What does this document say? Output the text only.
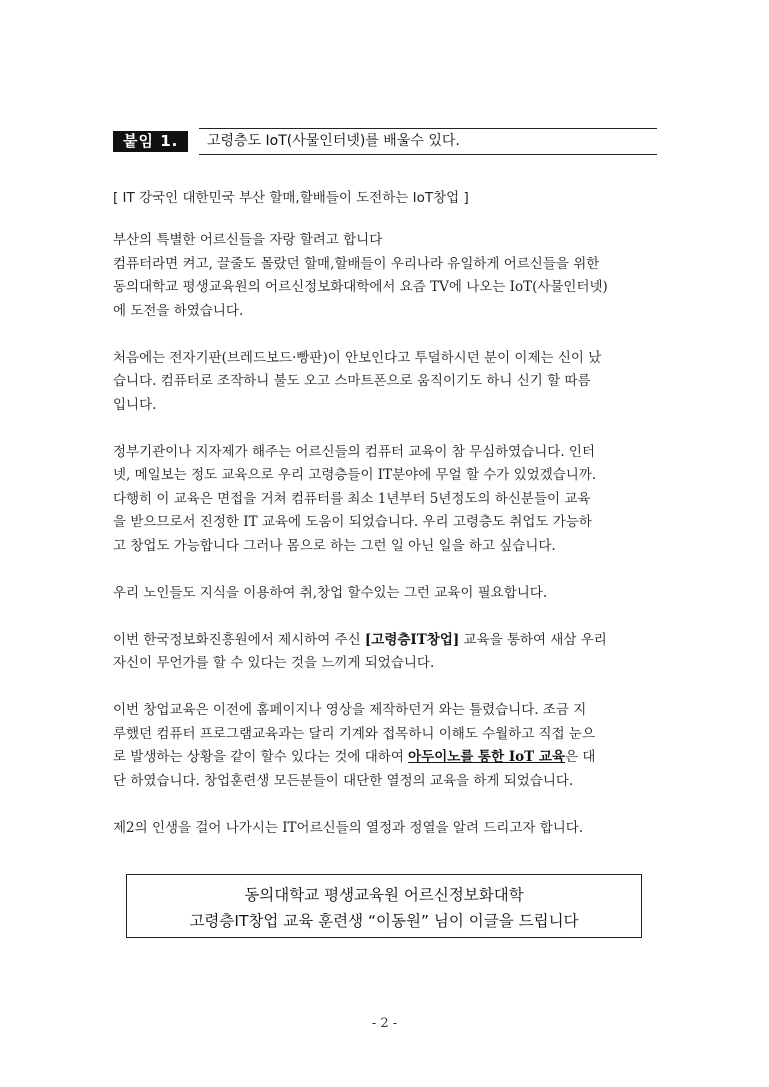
붙임 1.	고령층도 IoT(사물인터넷)를 배울수 있다.
[ IT 강국인 대한민국 부산 할매,할배들이 도전하는 IoT창업 ]

부산의 특별한 어르신들을 자랑 할려고 합니다
컴퓨터라면 켜고, 끌줄도 몰랐던 할매,할배들이 우리나라 유일하게 어르신들을 위한
동의대학교 평생교육원의 어르신정보화대학에서 요즘 TV에 나오는 IoT(사물인터넷)
에 도전을 하였습니다.

처음에는 전자기판(브레드보드·빵판)이 안보인다고 투덜하시던 분이 이제는 신이 났
습니다. 컴퓨터로 조작하니 불도 오고 스마트폰으로 움직이기도 하니 신기 할 따름
입니다.

정부기관이나 지자제가 해주는 어르신들의 컴퓨터 교육이 참 무심하였습니다. 인터
넷, 메일보는 정도 교육으로 우리 고령층들이 IT분야에 무얼 할 수가 있었겠습니까.
다행히 이 교육은 면접을 거쳐 컴퓨터를 최소 1년부터 5년정도의 하신분들이 교육
을 받으므로서 진정한 IT 교육에 도움이 되었습니다. 우리 고령층도 취업도 가능하
고 창업도 가능합니다 그러나 몸으로 하는 그런 일 아닌 일을 하고 싶습니다.

우리 노인들도 지식을 이용하여 취,창업 할수있는 그런 교육이 필요합니다.

이번 한국정보화진흥원에서 제시하여 주신 [고령층IT창업] 교육을 통하여 새삼 우리
자신이 무언가를 할 수 있다는 것을 느끼게 되었습니다.

이번 창업교육은 이전에 홈페이지나 영상을 제작하던거 와는 틀렸습니다. 조금 지
루했던 컴퓨터 프로그램교육과는 달리 기계와 접목하니 이해도 수월하고 직접 눈으
로 발생하는 상황을 같이 할수 있다는 것에 대하여 아두이노를 통한 IoT 교육은 대
단 하였습니다. 창업훈련생 모든분들이 대단한 열정의 교육을 하게 되었습니다.

제2의 인생을 걸어 나가시는 IT어르신들의 열정과 정열을 알려 드리고자 합니다.

동의대학교 평생교육원 어르신정보화대학
고령층IT창업 교육 훈련생 “이동원” 님이 이글을 드립니다
- 2 -
